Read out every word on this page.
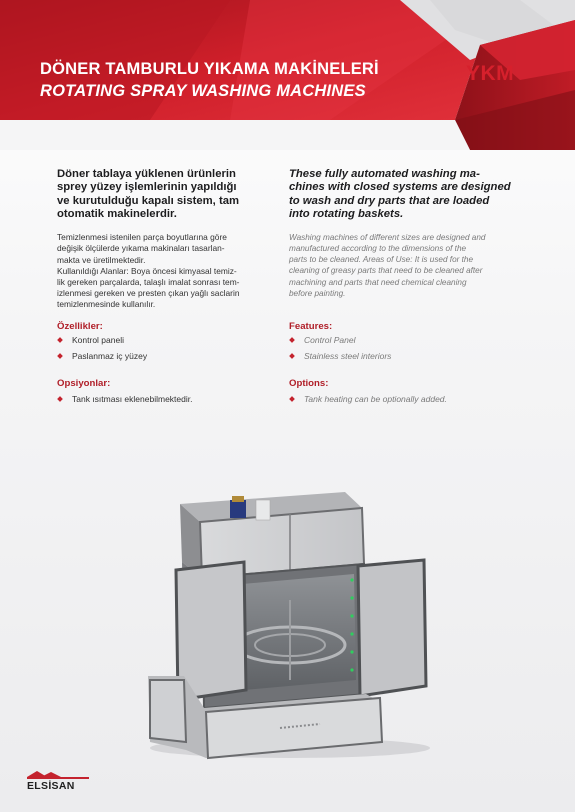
DÖNER TAMBURLU YIKAMA MAKİNELERİ
ROTATING SPRAY WASHING MACHINES
YKM

Döner tablaya yüklenen ürünlerin
sprey yüzey işlemlerinin yapıldığı
ve kurutulduğu kapalı sistem, tam
otomatik makinelerdir.

Temizlenmesi istenilen parça boyutlarına göre
değişik ölçülerde yıkama makinaları tasarlan-
makta ve üretilmektedir.
Kullanıldığı Alanlar: Boya öncesi kimyasal temiz-
lik gereken parçalarda, talaşlı imalat sonrası tem-
izlenmesi gereken ve presten çıkan yağlı saclarin
temizlenmesinde kullanılır.
Özellikler:
Kontrol paneli
Paslanmaz iç yüzey
Opsiyonlar:
Tank ısıtması eklenebilmektedir.

These fully automated washing ma-
chines with closed systems are designed
to wash and dry parts that are loaded
into rotating baskets.

Washing machines of different sizes are designed and
manufactured according to the dimensions of the
parts to be cleaned. Areas of Use: It is used for the
cleaning of greasy parts that need to be cleaned after
machining and parts that need chemical cleaning
before painting.
Features:
Control Panel
Stainless steel interiors
Options:
Tank heating can be optionally added.
ELSİSAN
